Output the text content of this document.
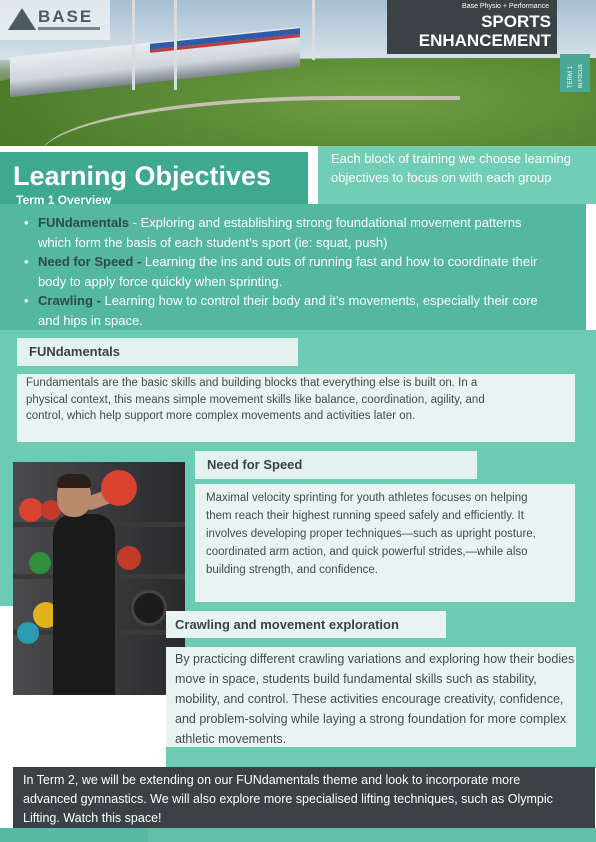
BASE
Base Physio + Performance
SPORTS
ENHANCEMENT
TERM 1 IN FOCUS
Learning Objectives

Each block of training we choose learning objectives to focus on with each group

Term 1 Overview
• FUNdamentals - Exploring and establishing strong foundational movement patterns which form the basis of each student’s sport (ie: squat, push)
• Need for Speed - Learning the ins and outs of running fast and how to coordinate their body to apply force quickly when sprinting.
• Crawling - Learning how to control their body and it’s movements, especially their core and hips in space.
FUNdamentals

Fundamentals are the basic skills and building blocks that everything else is built on. In a physical context, this means simple movement skills like balance, coordination, agility, and control, which help support more complex movements and activities later on.

Need for Speed

Maximal velocity sprinting for youth athletes focuses on helping them reach their highest running speed safely and efficiently. It involves developing proper techniques—such as upright posture, coordinated arm action, and quick powerful strides,—while also building strength, and confidence.

Crawling and movement exploration

By practicing different crawling variations and exploring how their bodies move in space, students build fundamental skills such as stability, mobility, and control. These activities encourage creativity, confidence, and problem-solving while laying a strong foundation for more complex athletic movements.

In Term 2, we will be extending on our FUNdamentals theme and look to incorporate more advanced gymnastics. We will also explore more specialised lifting techniques, such as Olympic Lifting. Watch this space!
